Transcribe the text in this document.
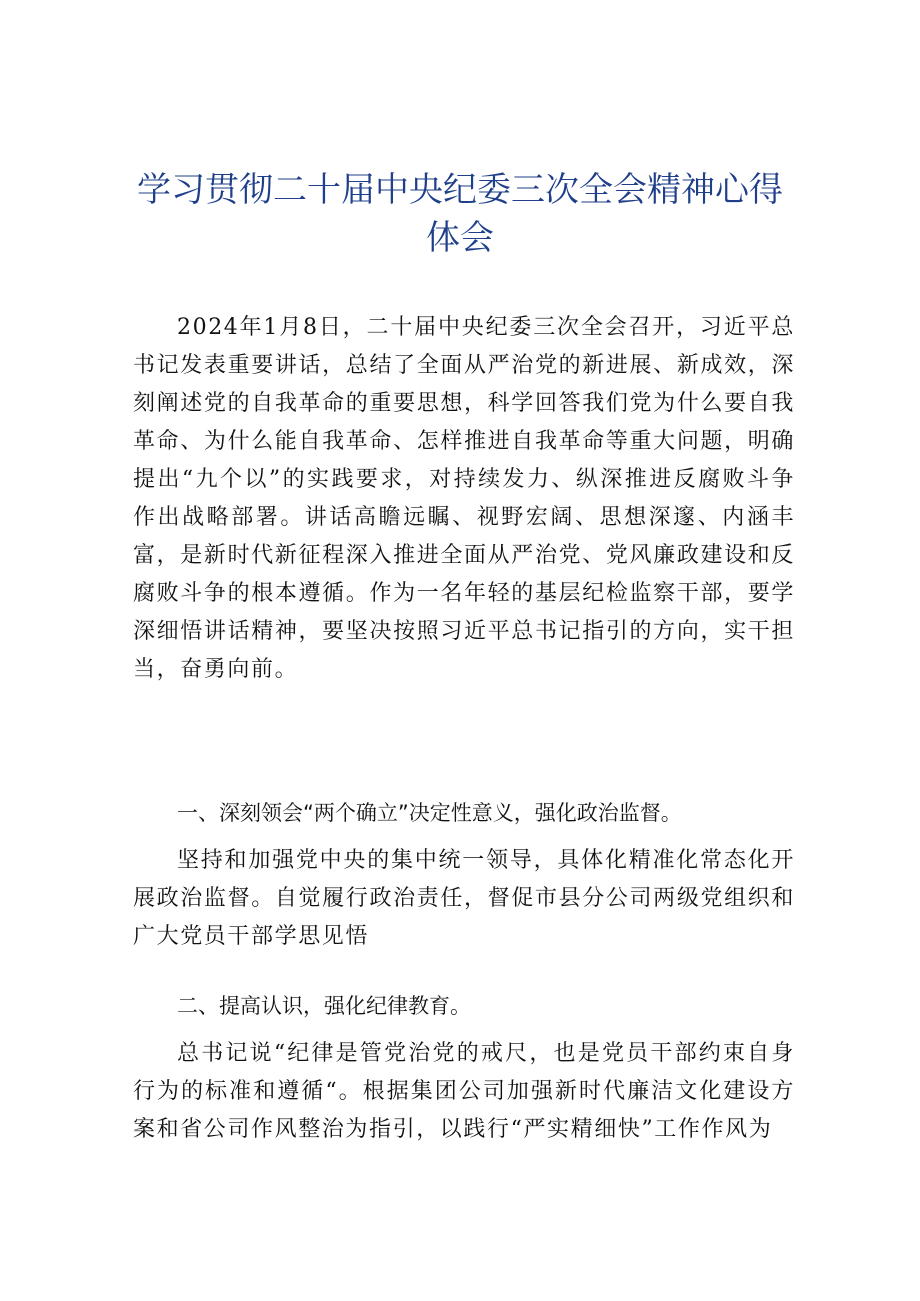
学习贯彻二十届中央纪委三次全会精神心得体会

2024年1月8日，二十届中央纪委三次全会召开，习近平总书记发表重要讲话，总结了全面从严治党的新进展、新成效，深刻阐述党的自我革命的重要思想，科学回答我们党为什么要自我革命、为什么能自我革命、怎样推进自我革命等重大问题，明确提出“九个以”的实践要求，对持续发力、纵深推进反腐败斗争作出战略部署。讲话高瞻远瞩、视野宏阔、思想深邃、内涵丰富，是新时代新征程深入推进全面从严治党、党风廉政建设和反腐败斗争的根本遵循。作为一名年轻的基层纪检监察干部，要学深细悟讲话精神，要坚决按照习近平总书记指引的方向，实干担当，奋勇向前。

一、深刻领会“两个确立”决定性意义，强化政治监督。

坚持和加强党中央的集中统一领导，具体化精准化常态化开展政治监督。自觉履行政治责任，督促市县分公司两级党组织和广大党员干部学思见悟

二、提高认识，强化纪律教育。

总书记说“纪律是管党治党的戒尺，也是党员干部约束自身行为的标准和遵循“。根据集团公司加强新时代廉洁文化建设方案和省公司作风整治为指引，以践行“严实精细快”工作作风为
